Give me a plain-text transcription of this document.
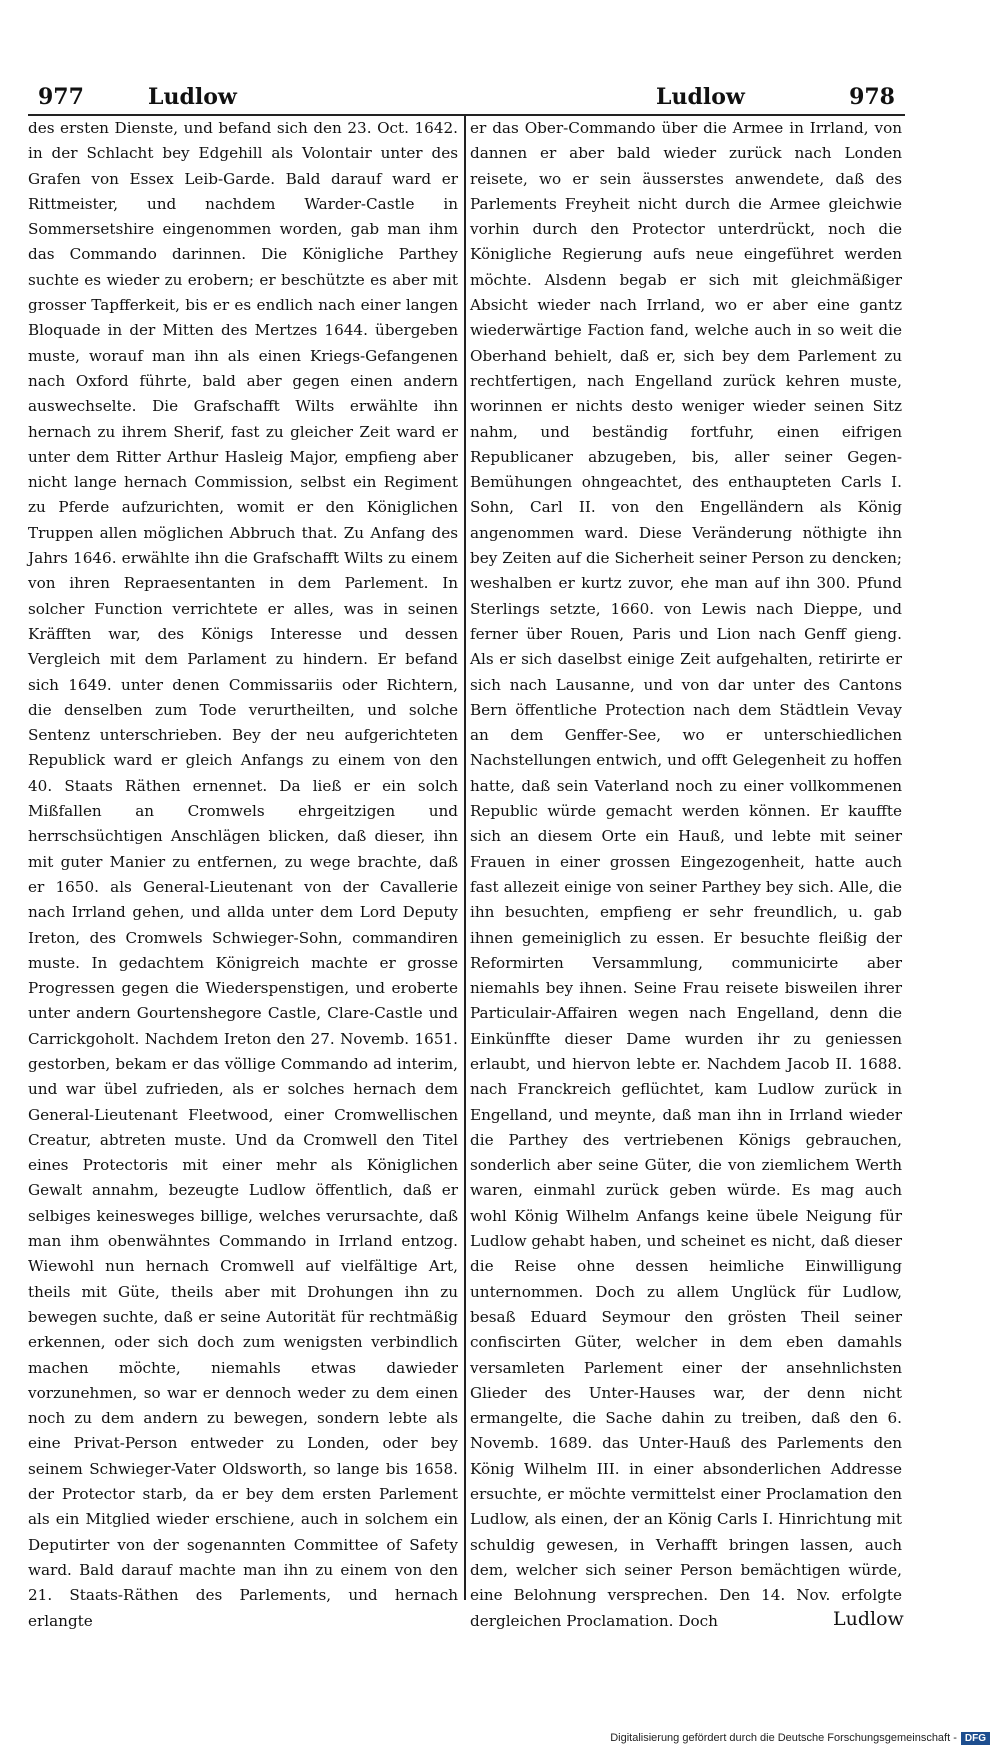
977	Ludlow	Ludlow	978

des ersten Dienste, und befand sich den 23. Oct. 1642. in der Schlacht bey Edgehill als Volontair unter des Grafen von Essex Leib-Garde. Bald darauf ward er Rittmeister, und nachdem Warder-Castle in Sommersetshire eingenommen worden, gab man ihm das Commando darinnen. Die Königliche Parthey suchte es wieder zu erobern; er beschützte es aber mit grosser Tapfferkeit, bis er es endlich nach einer langen Bloquade in der Mitten des Mertzes 1644. übergeben muste, worauf man ihn als einen Kriegs-Gefangenen nach Oxford führte, bald aber gegen einen andern auswechselte. Die Grafschafft Wilts erwählte ihn hernach zu ihrem Sherif, fast zu gleicher Zeit ward er unter dem Ritter Arthur Hasleig Major, empfieng aber nicht lange hernach Commission, selbst ein Regiment zu Pferde aufzurichten, womit er den Königlichen Truppen allen möglichen Abbruch that. Zu Anfang des Jahrs 1646. erwählte ihn die Grafschafft Wilts zu einem von ihren Repraesentanten in dem Parlement. In solcher Function verrichtete er alles, was in seinen Kräfften war, des Königs Interesse und dessen Vergleich mit dem Parlament zu hindern. Er befand sich 1649. unter denen Commissariis oder Richtern, die denselben zum Tode verurtheilten, und solche Sentenz unterschrieben. Bey der neu aufgerichteten Republick ward er gleich Anfangs zu einem von den 40. Staats Räthen ernennet. Da ließ er ein solch Mißfallen an Cromwels ehrgeitzigen und herrschsüchtigen Anschlägen blicken, daß dieser, ihn mit guter Manier zu entfernen, zu wege brachte, daß er 1650. als General-Lieutenant von der Cavallerie nach Irrland gehen, und allda unter dem Lord Deputy Ireton, des Cromwels Schwieger-Sohn, commandiren muste. In gedachtem Königreich machte er grosse Progressen gegen die Wiederspenstigen, und eroberte unter andern Gourtenshegore Castle, Clare-Castle und Carrickgoholt. Nachdem Ireton den 27. Novemb. 1651. gestorben, bekam er das völlige Commando ad interim, und war übel zufrieden, als er solches hernach dem General-Lieutenant Fleetwood, einer Cromwellischen Creatur, abtreten muste. Und da Cromwell den Titel eines Protectoris mit einer mehr als Königlichen Gewalt annahm, bezeugte Ludlow öffentlich, daß er selbiges keinesweges billige, welches verursachte, daß man ihm obenwähntes Commando in Irrland entzog. Wiewohl nun hernach Cromwell auf vielfältige Art, theils mit Güte, theils aber mit Drohungen ihn zu bewegen suchte, daß er seine Autorität für rechtmäßig erkennen, oder sich doch zum wenigsten verbindlich machen möchte, niemahls etwas dawieder vorzunehmen, so war er dennoch weder zu dem einen noch zu dem andern zu bewegen, sondern lebte als eine Privat-Person entweder zu Londen, oder bey seinem Schwieger-Vater Oldsworth, so lange bis 1658. der Protector starb, da er bey dem ersten Parlement als ein Mitglied wieder erschiene, auch in solchem ein Deputirter von der sogenannten Committee of Safety ward. Bald darauf machte man ihn zu einem von den 21. Staats-Räthen des Parlements, und hernach erlangte

er das Ober-Commando über die Armee in Irrland, von dannen er aber bald wieder zurück nach Londen reisete, wo er sein äusserstes anwendete, daß des Parlements Freyheit nicht durch die Armee gleichwie vorhin durch den Protector unterdrückt, noch die Königliche Regierung aufs neue eingeführet werden möchte. Alsdenn begab er sich mit gleichmäßiger Absicht wieder nach Irrland, wo er aber eine gantz wiederwärtige Faction fand, welche auch in so weit die Oberhand behielt, daß er, sich bey dem Parlement zu rechtfertigen, nach Engelland zurück kehren muste, worinnen er nichts desto weniger wieder seinen Sitz nahm, und beständig fortfuhr, einen eifrigen Republicaner abzugeben, bis, aller seiner Gegen-Bemühungen ohngeachtet, des enthaupteten Carls I. Sohn, Carl II. von den Engelländern als König angenommen ward. Diese Veränderung nöthigte ihn bey Zeiten auf die Sicherheit seiner Person zu dencken; weshalben er kurtz zuvor, ehe man auf ihn 300. Pfund Sterlings setzte, 1660. von Lewis nach Dieppe, und ferner über Rouen, Paris und Lion nach Genff gieng. Als er sich daselbst einige Zeit aufgehalten, retirirte er sich nach Lausanne, und von dar unter des Cantons Bern öffentliche Protection nach dem Städtlein Vevay an dem Genffer-See, wo er unterschiedlichen Nachstellungen entwich, und offt Gelegenheit zu hoffen hatte, daß sein Vaterland noch zu einer vollkommenen Republic würde gemacht werden können. Er kauffte sich an diesem Orte ein Hauß, und lebte mit seiner Frauen in einer grossen Eingezogenheit, hatte auch fast allezeit einige von seiner Parthey bey sich. Alle, die ihn besuchten, empfieng er sehr freundlich, u. gab ihnen gemeiniglich zu essen. Er besuchte fleißig der Reformirten Versammlung, communicirte aber niemahls bey ihnen. Seine Frau reisete bisweilen ihrer Particulair-Affairen wegen nach Engelland, denn die Einkünffte dieser Dame wurden ihr zu geniessen erlaubt, und hiervon lebte er. Nachdem Jacob II. 1688. nach Franckreich geflüchtet, kam Ludlow zurück in Engelland, und meynte, daß man ihn in Irrland wieder die Parthey des vertriebenen Königs gebrauchen, sonderlich aber seine Güter, die von ziemlichem Werth waren, einmahl zurück geben würde. Es mag auch wohl König Wilhelm Anfangs keine übele Neigung für Ludlow gehabt haben, und scheinet es nicht, daß dieser die Reise ohne dessen heimliche Einwilligung unternommen. Doch zu allem Unglück für Ludlow, besaß Eduard Seymour den grösten Theil seiner confiscirten Güter, welcher in dem eben damahls versamleten Parlement einer der ansehnlichsten Glieder des Unter-Hauses war, der denn nicht ermangelte, die Sache dahin zu treiben, daß den 6. Novemb. 1689. das Unter-Hauß des Parlements den König Wilhelm III. in einer absonderlichen Addresse ersuchte, er möchte vermittelst einer Proclamation den Ludlow, als einen, der an König Carls I. Hinrichtung mit schuldig gewesen, in Verhafft bringen lassen, auch dem, welcher sich seiner Person bemächtigen würde, eine Belohnung versprechen. Den 14. Nov. erfolgte dergleichen Proclamation. Doch	Ludlow
Digitalisierung gefördert durch die Deutsche Forschungsgemeinschaft - DFG
